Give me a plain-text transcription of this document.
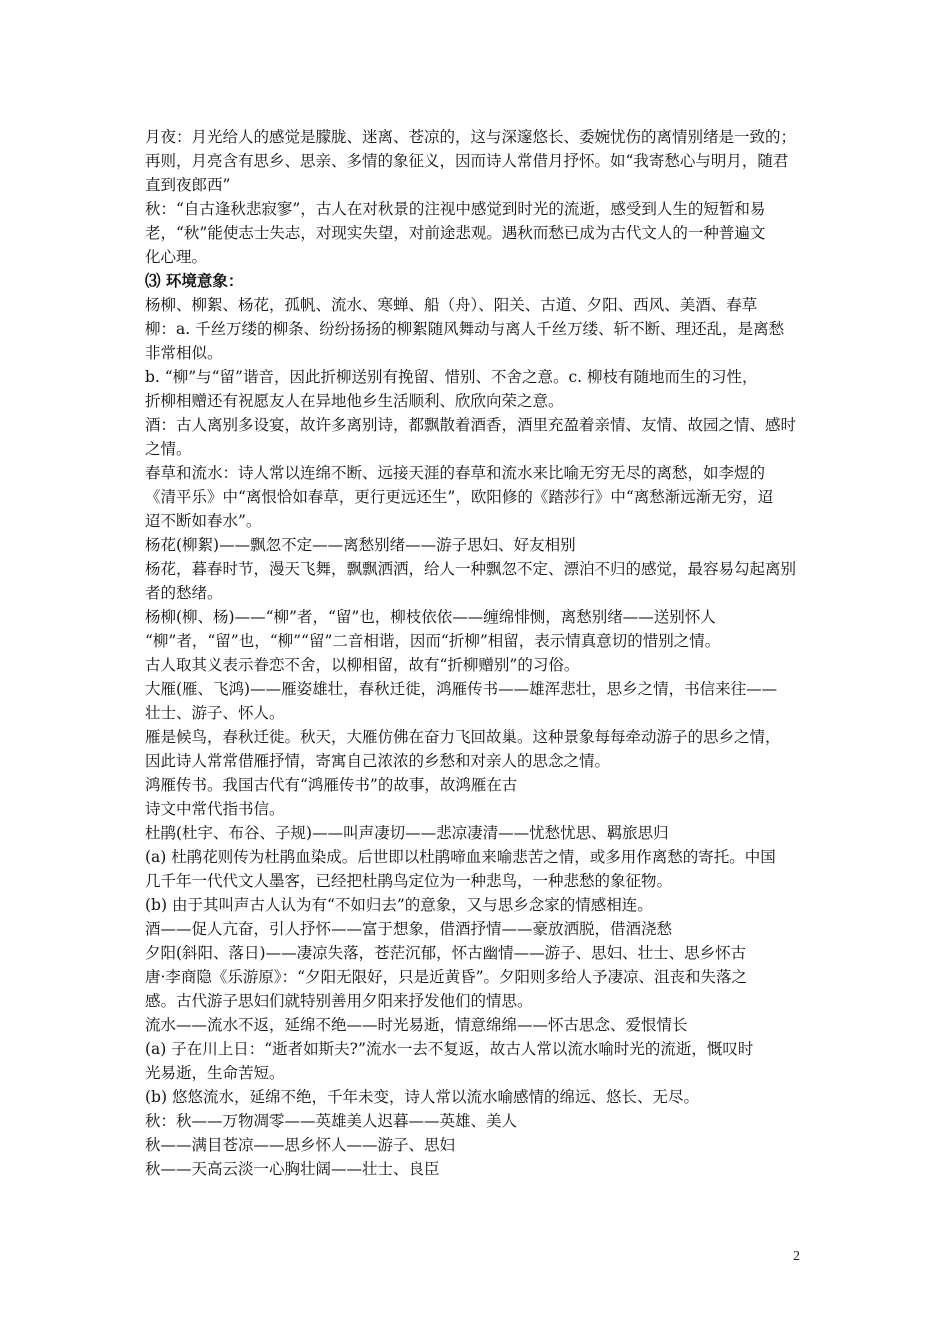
月夜：月光给人的感觉是朦胧、迷离、苍凉的，这与深邃悠长、委婉忧伤的离情别绪是一致的；
再则，月亮含有思乡、思亲、多情的象征义，因而诗人常借月抒怀。如“我寄愁心与明月，随君
直到夜郎西”
秋：“自古逢秋悲寂寥”，古人在对秋景的注视中感觉到时光的流逝，感受到人生的短暂和易
老，“秋”能使志士失志，对现实失望，对前途悲观。遇秋而愁已成为古代文人的一种普遍文
化心理。
⑶ 环境意象：
杨柳、柳絮、杨花，孤帆、流水、寒蝉、船（舟）、阳关、古道、夕阳、西风、美酒、春草
柳：a. 千丝万缕的柳条、纷纷扬扬的柳絮随风舞动与离人千丝万缕、斩不断、理还乱，是离愁
非常相似。
b. “柳”与“留”谐音，因此折柳送别有挽留、惜别、不舍之意。c. 柳枝有随地而生的习性，
折柳相赠还有祝愿友人在异地他乡生活顺利、欣欣向荣之意。
酒：古人离别多设宴，故许多离别诗，都飘散着酒香，酒里充盈着亲情、友情、故园之情、感时
之情。
春草和流水：诗人常以连绵不断、远接天涯的春草和流水来比喻无穷无尽的离愁，如李煜的
《清平乐》中“离恨恰如春草，更行更远还生”，欧阳修的《踏莎行》中“离愁渐远渐无穷，迢
迢不断如春水”。
杨花(柳絮)——飘忽不定——离愁别绪——游子思妇、好友相别
杨花，暮春时节，漫天飞舞，飘飘洒洒，给人一种飘忽不定、漂泊不归的感觉，最容易勾起离别
者的愁绪。
杨柳(柳、杨)——“柳”者，“留”也，柳枝依依——缠绵悱恻，离愁别绪——送别怀人
“柳”者，“留”也，“柳”“留”二音相谐，因而“折柳”相留，表示情真意切的惜别之情。
古人取其义表示眷恋不舍，以柳相留，故有“折柳赠别”的习俗。
大雁(雁、飞鸿)——雁姿雄壮，春秋迁徙，鸿雁传书——雄浑悲壮，思乡之情，书信来往——
壮士、游子、怀人。
雁是候鸟，春秋迁徙。秋天，大雁仿佛在奋力飞回故巢。这种景象每每牵动游子的思乡之情，
因此诗人常常借雁抒情，寄寓自己浓浓的乡愁和对亲人的思念之情。
鸿雁传书。我国古代有“鸿雁传书”的故事，故鸿雁在古
诗文中常代指书信。
杜鹃(杜宇、布谷、子规)——叫声凄切——悲凉凄清——忧愁忧思、羁旅思归
(a) 杜鹃花则传为杜鹃血染成。后世即以杜鹃啼血来喻悲苦之情，或多用作离愁的寄托。中国
几千年一代代文人墨客，已经把杜鹃鸟定位为一种悲鸟，一种悲愁的象征物。
(b) 由于其叫声古人认为有“不如归去”的意象，又与思乡念家的情感相连。
酒——促人亢奋，引人抒怀——富于想象，借酒抒情——豪放洒脱，借酒浇愁
夕阳(斜阳、落日)——凄凉失落，苍茫沉郁，怀古幽情——游子、思妇、壮士、思乡怀古
唐·李商隐《乐游原》：“夕阳无限好，只是近黄昏”。夕阳则多给人予凄凉、沮丧和失落之
感。古代游子思妇们就特别善用夕阳来抒发他们的情思。
流水——流水不返，延绵不绝——时光易逝，情意绵绵——怀古思念、爱恨情长
(a) 子在川上日：“逝者如斯夫?”流水一去不复返，故古人常以流水喻时光的流逝，慨叹时
光易逝，生命苦短。
(b) 悠悠流水，延绵不绝，千年未变，诗人常以流水喻感情的绵远、悠长、无尽。
秋：秋——万物凋零——英雄美人迟暮——英雄、美人
秋——满目苍凉——思乡怀人——游子、思妇
秋——天高云淡一心胸壮阔——壮士、良臣
2
